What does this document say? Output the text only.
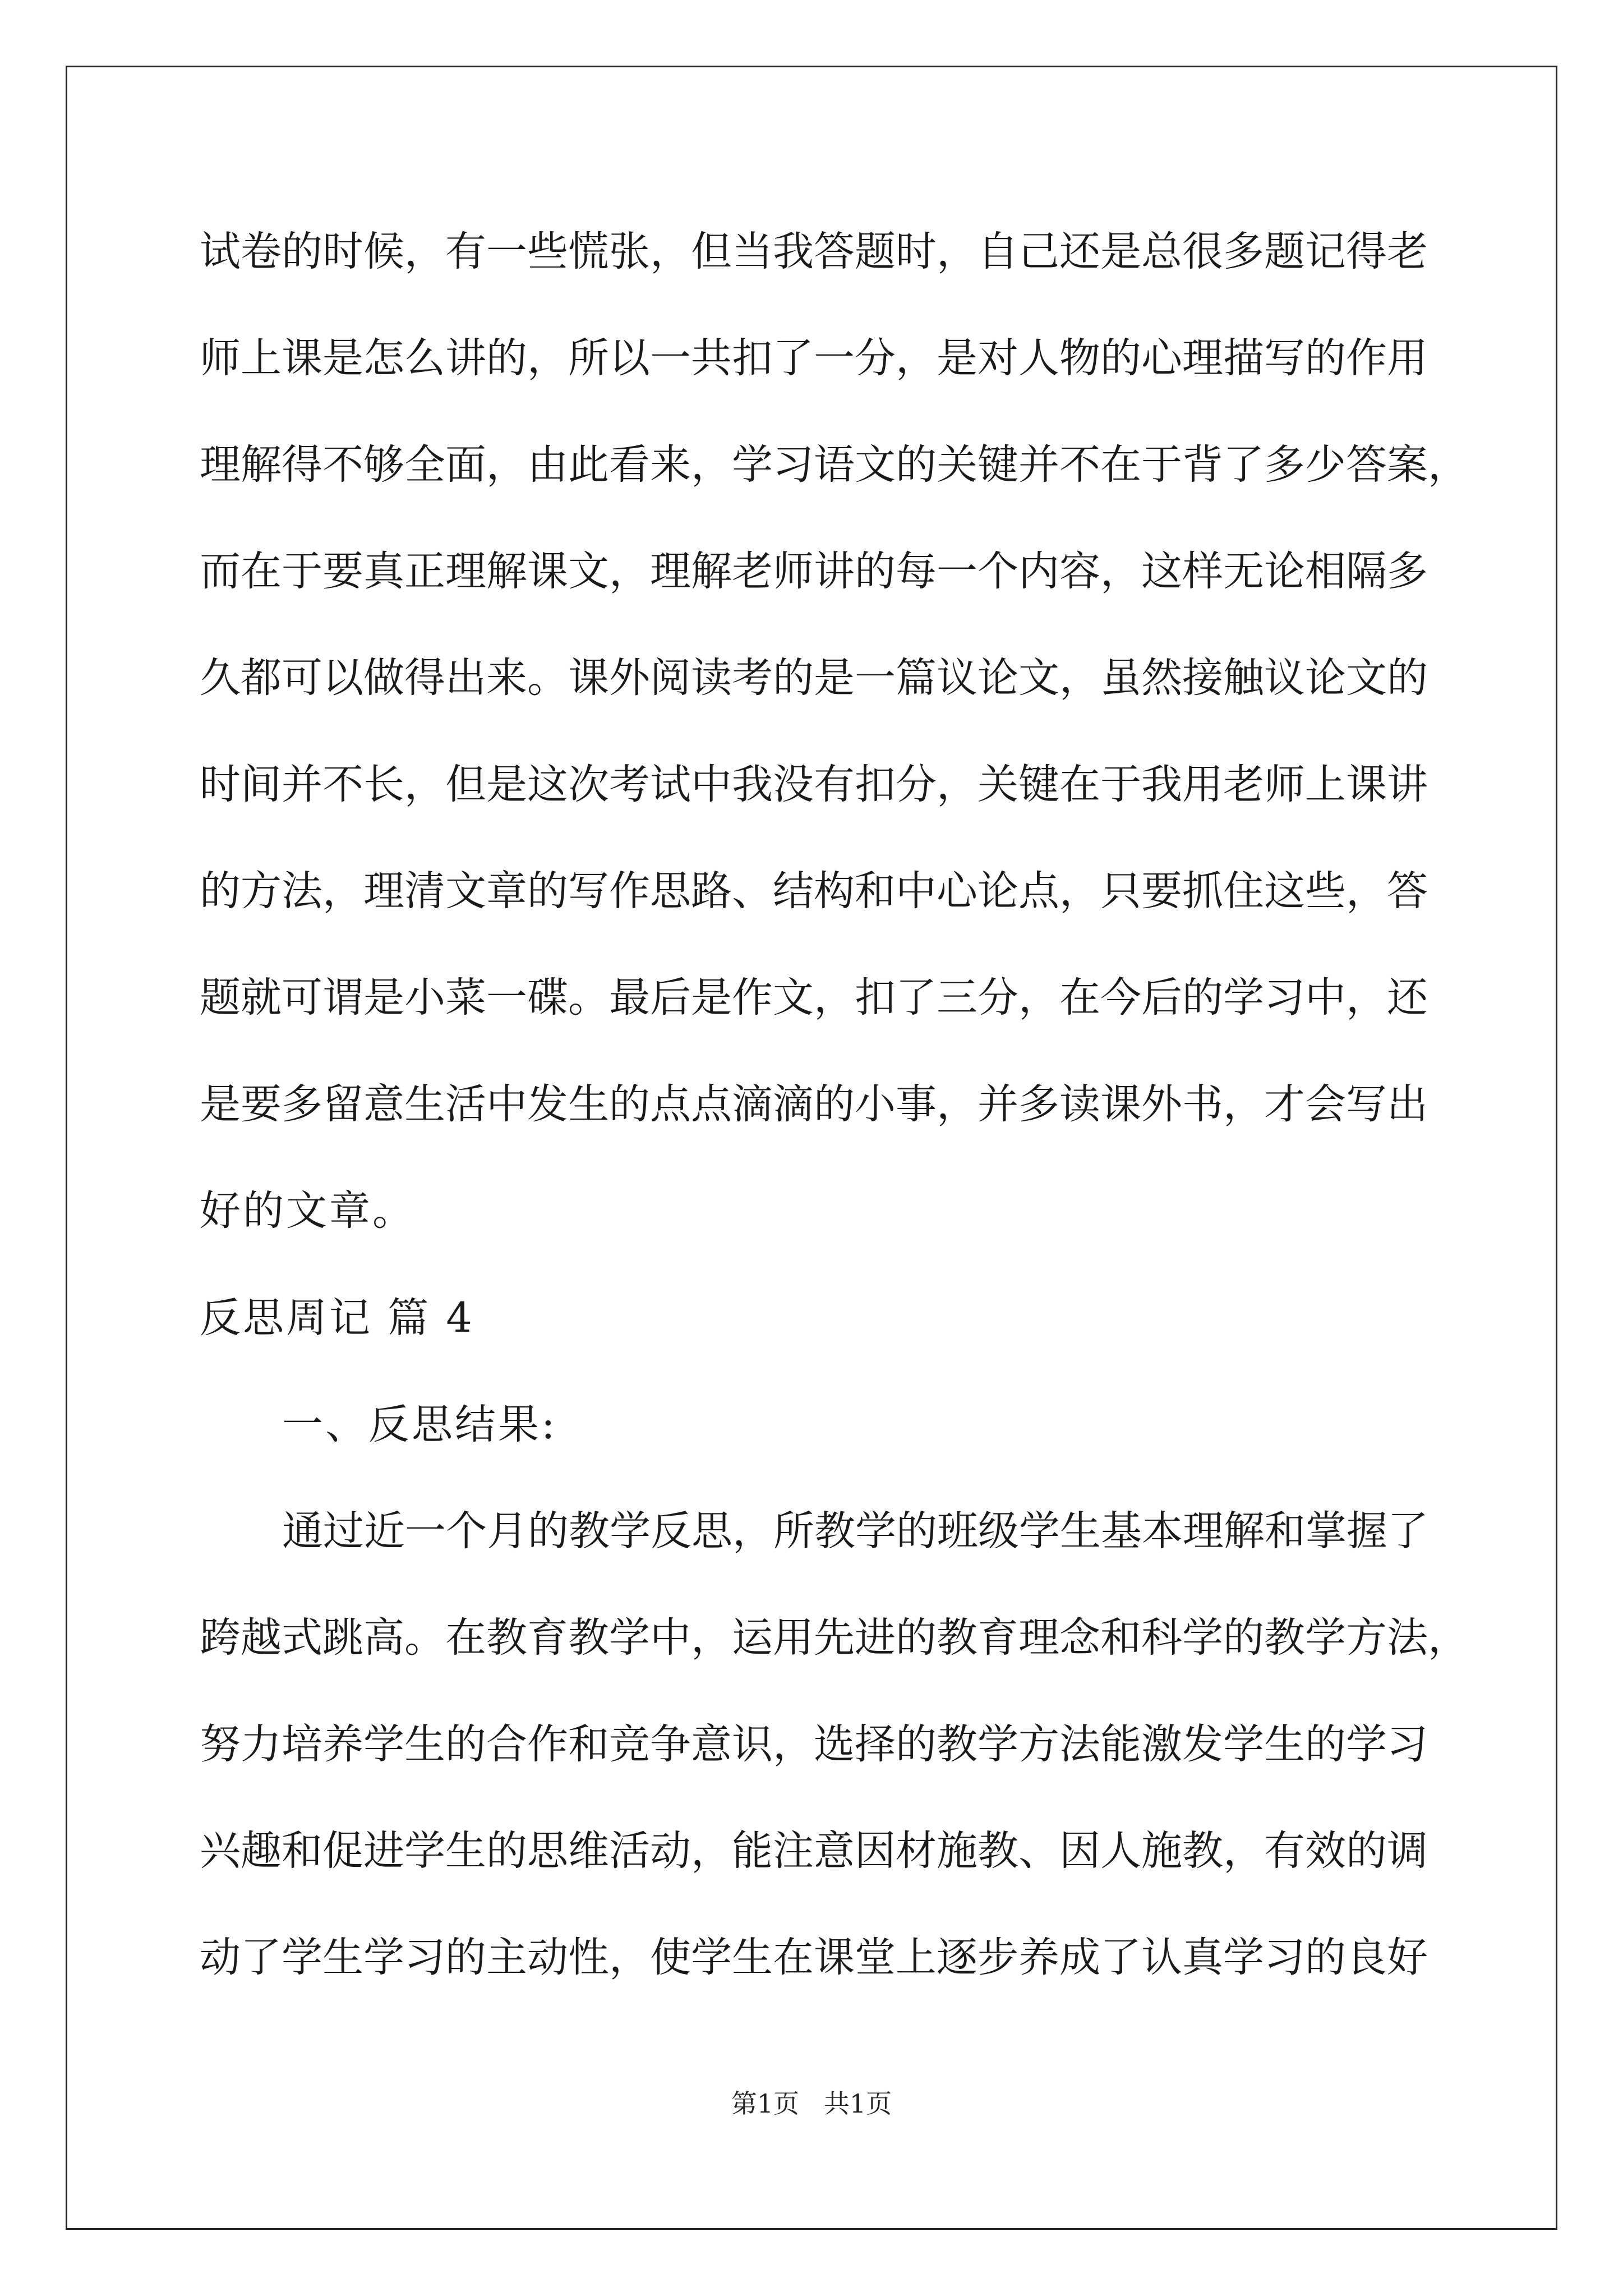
试卷的时候，有一些慌张，但当我答题时，自己还是总很多题记得老

师上课是怎么讲的，所以一共扣了一分，是对人物的心理描写的作用

理解得不够全面，由此看来，学习语文的关键并不在于背了多少答案，

而在于要真正理解课文，理解老师讲的每一个内容，这样无论相隔多

久都可以做得出来。课外阅读考的是一篇议论文，虽然接触议论文的

时间并不长，但是这次考试中我没有扣分，关键在于我用老师上课讲

的方法，理清文章的写作思路、结构和中心论点，只要抓住这些，答

题就可谓是小菜一碟。最后是作文，扣了三分，在今后的学习中，还

是要多留意生活中发生的点点滴滴的小事，并多读课外书，才会写出

好的文章。

反思周记 篇 4

一、反思结果:

通过近一个月的教学反思，所教学的班级学生基本理解和掌握了

跨越式跳高。在教育教学中，运用先进的教育理念和科学的教学方法，

努力培养学生的合作和竞争意识，选择的教学方法能激发学生的学习

兴趣和促进学生的思维活动，能注意因材施教、因人施教，有效的调

动了学生学习的主动性，使学生在课堂上逐步养成了认真学习的良好

第1页   共1页
